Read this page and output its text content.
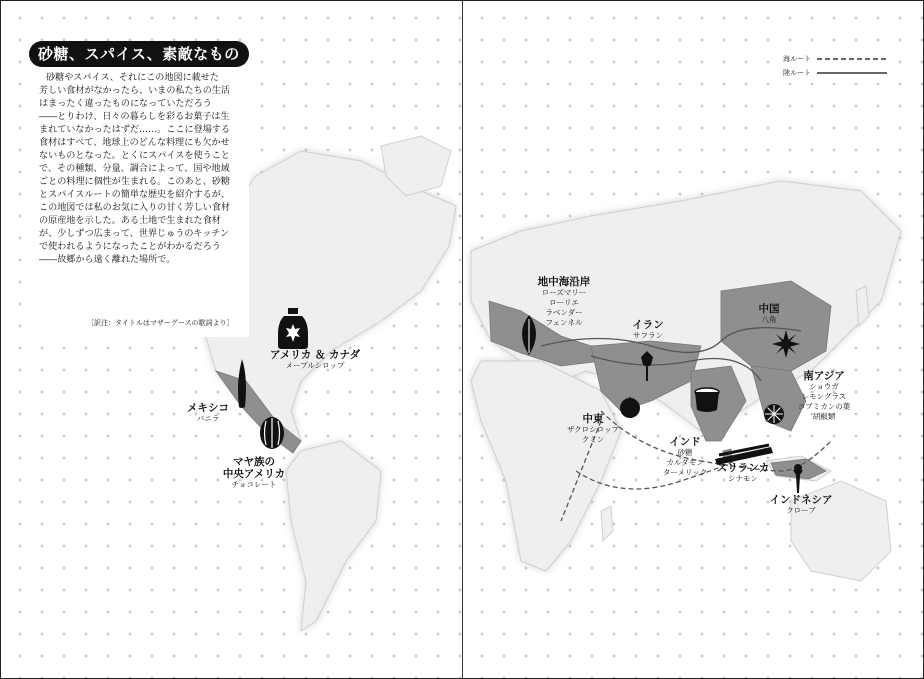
砂糖、スパイス、素敵なもの
砂糖やスパイス、それにこの地図に載せた
芳しい食材がなかったら、いまの私たちの生活
はまったく違ったものになっていただろう
――とりわけ、日々の暮らしを彩るお菓子は生
まれていなかったはずだ……。ここに登場する
食材はすべて、地球上のどんな料理にも欠かせ
ないものとなった。とくにスパイスを使うこと
で、その種類、分量、調合によって、国や地域
ごとの料理に個性が生まれる。このあと、砂糖
とスパイスルートの簡単な歴史を紹介するが、
この地図では私のお気に入りの甘く芳しい食材
の原産地を示した。ある土地で生まれた食材
が、少しずつ広まって、世界じゅうのキッチン
で使われるようになったことがわかるだろう
――故郷から遠く離れた場所で。
［訳注：タイトルはマザーグースの歌詞より］
海ルート
陸ルート
アメリカ ＆ カナダ
メープルシロップ
メキシコ
バニラ
マヤ族の
中央アメリカ
チョコレート
地中海沿岸
ローズマリー
ローリエ
ラベンダー
フェンネル	イラン
サフラン
中東
ザクロシロップ
クミン	インド
砂糖
カルダモン
ターメリック
中国
八角
南アジア
ショウガ
レモングラス
コブミカンの葉
胡椒類
スリランカ
シナモン
インドネシア
クローブ
